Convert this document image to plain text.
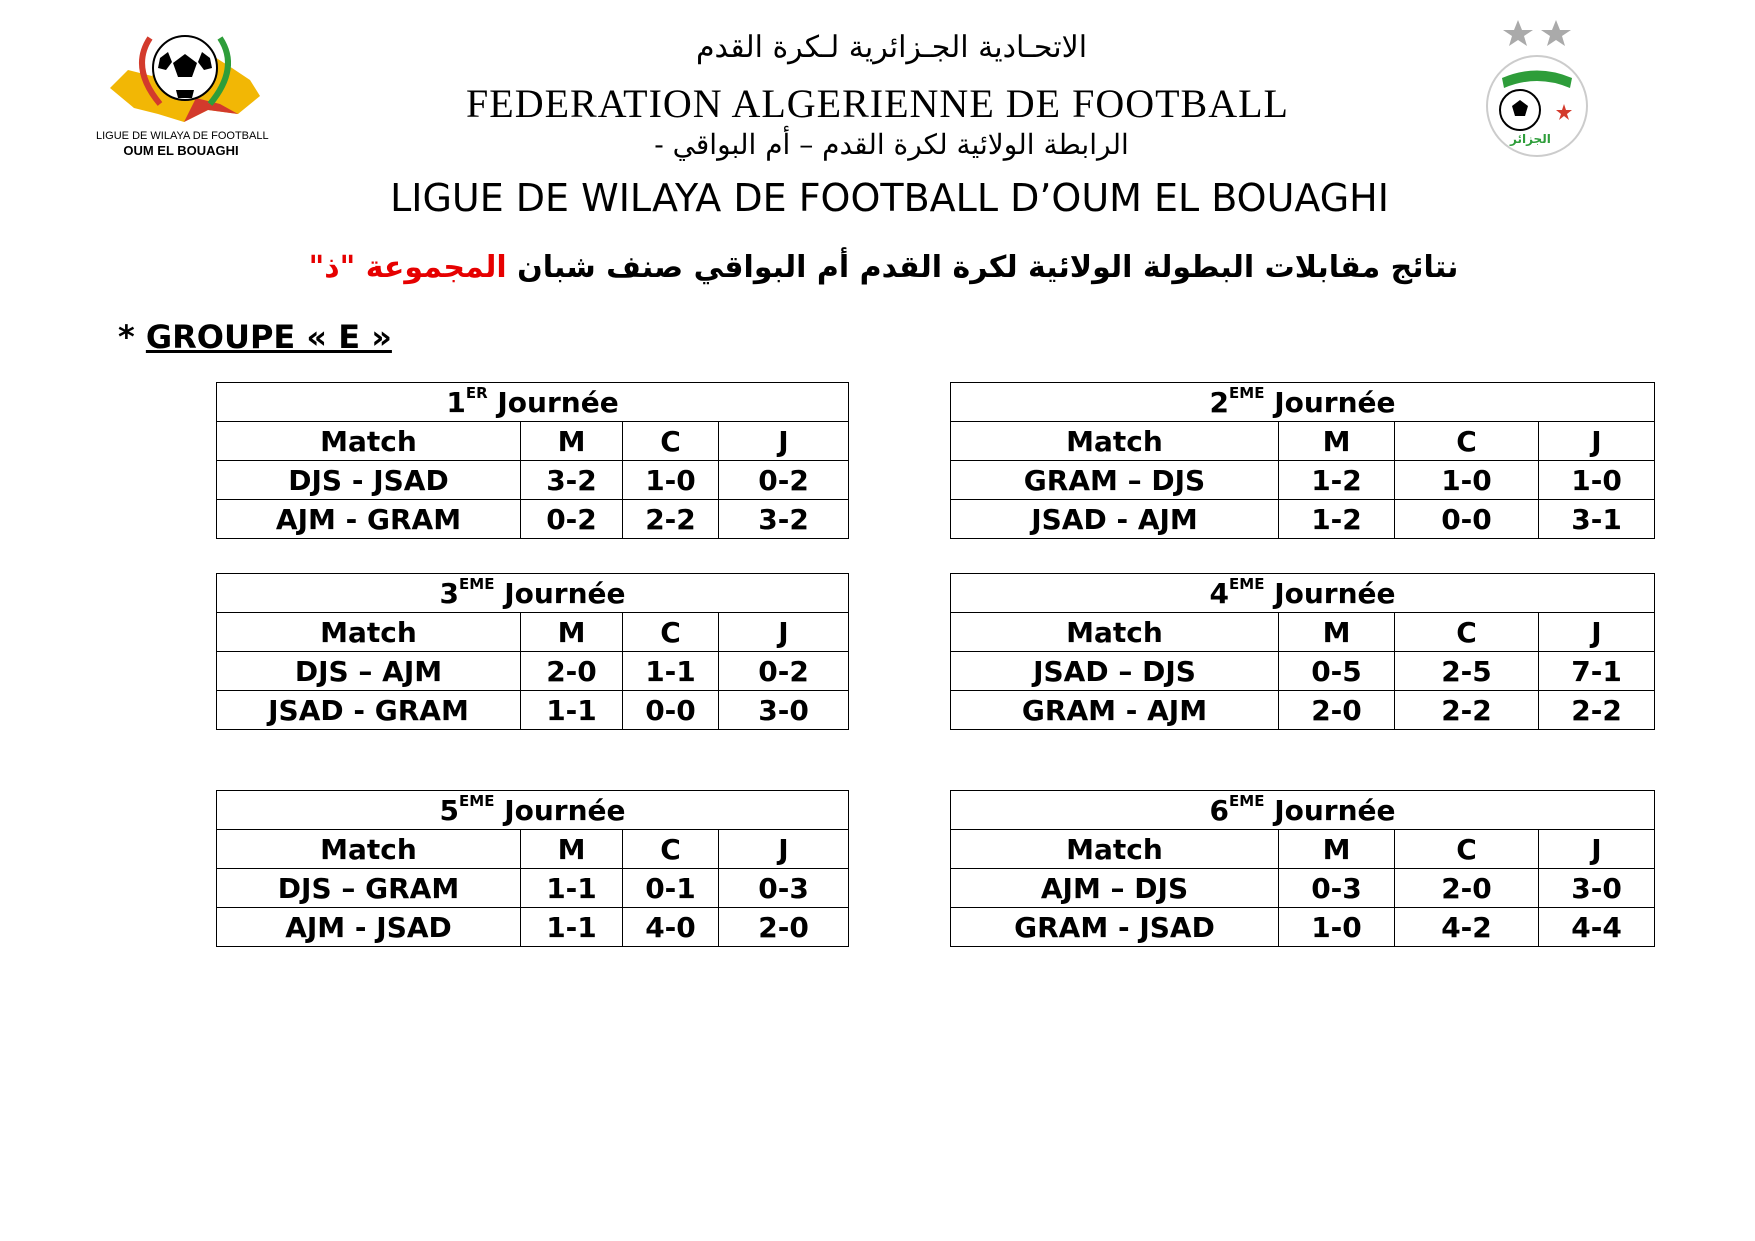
LIGUE DE WILAYA DE FOOTBALL
OUM EL BOUAGHI
الجزائر
الاتحـادية الجـزائرية لـكرة القدم
FEDERATION ALGERIENNE DE FOOTBALL
الرابطة الولائية لكرة القدم – أم البواقي -
LIGUE DE WILAYA DE FOOTBALL D’OUM EL BOUAGHI
نتائج مقابلات البطولة الولائية لكرة القدم أم البواقي صنف شبان المجموعة "ذ"
* GROUPE « E »
1ER Journée			
Match	M	C	J
DJS - JSAD	3-2	1-0	0-2
AJM - GRAM	0-2	2-2	3-2
2EME Journée			
Match	M	C	J
GRAM – DJS	1-2	1-0	1-0
JSAD - AJM	1-2	0-0	3-1
3EME Journée			
Match	M	C	J
DJS – AJM	2-0	1-1	0-2
JSAD - GRAM	1-1	0-0	3-0
4EME Journée			
Match	M	C	J
JSAD – DJS	0-5	2-5	7-1
GRAM - AJM	2-0	2-2	2-2
5EME Journée			
Match	M	C	J
DJS – GRAM	1-1	0-1	0-3
AJM - JSAD	1-1	4-0	2-0
6EME Journée			
Match	M	C	J
AJM – DJS	0-3	2-0	3-0
GRAM - JSAD	1-0	4-2	4-4
